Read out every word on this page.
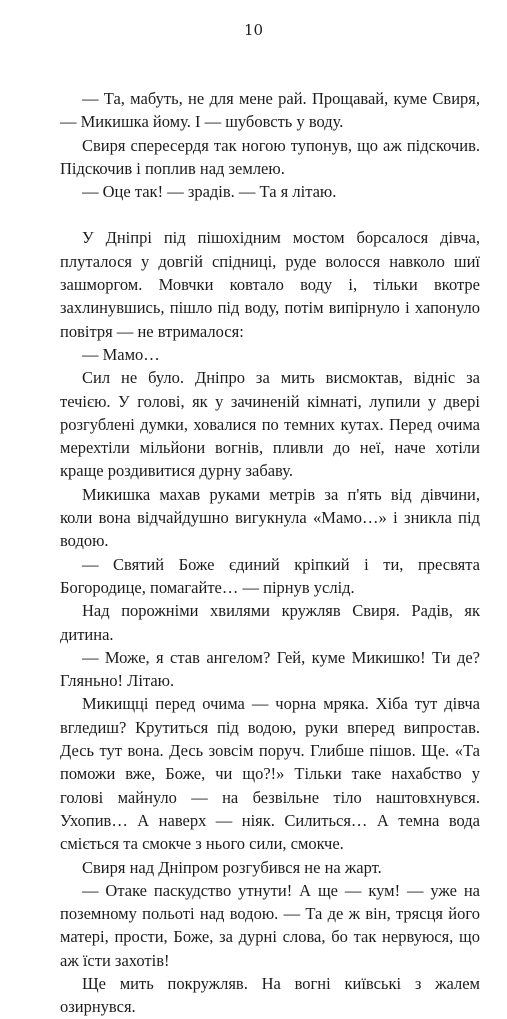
10

— Та, мабуть, не для мене рай. Прощавай, куме Свиря, — Микишка йому. І — шубовсть у воду.

Свиря спересердя так ногою тупонув, що аж підскочив. Підскочив і поплив над землею.

— Оце так! — зрадів. — Та я літаю.

У Дніпрі під пішохідним мостом борсалося дівча, плуталося у довгій спідниці, руде волосся навколо шиї зашморгом. Мовчки ковтало воду і, тільки вкотре захлинувшись, пішло під воду, потім випірнуло і хапонуло повітря — не втрималося:

— Мамо…

Сил не було. Дніпро за мить висмоктав, відніс за течією. У голові, як у зачиненій кімнаті, лупили у двері розгублені думки, ховалися по темних кутах. Перед очима мерехтіли мільйони вогнів, пливли до неї, наче хотіли краще роздивитися дурну забаву.

Микишка махав руками метрів за п'ять від дівчини, коли вона відчайдушно вигукнула «Мамо…» і зникла під водою.

— Святий Боже єдиний кріпкий і ти, пресвята Богородице, помагайте… — пірнув услід.

Над порожніми хвилями кружляв Свиря. Радів, як дитина.

— Може, я став ангелом? Гей, куме Микишко! Ти де? Гляньно! Літаю.

Микищці перед очима — чорна мряка. Хіба тут дівча вгледиш? Крутиться під водою, руки вперед випростав. Десь тут вона. Десь зовсім поруч. Глибше пішов. Ще. «Та поможи вже, Боже, чи що?!» Тільки таке нахабство у голові майнуло — на безвільне тіло наштовхнувся. Ухопив… А наверх — ніяк. Силиться… А темна вода сміється та смокче з нього сили, смокче.

Свиря над Дніпром розгубився не на жарт.

— Отаке паскудство утнути! А ще — кум! — уже на поземному польоті над водою. — Та де ж він, трясця його матері, прости, Боже, за дурні слова, бо так нервуюся, що аж їсти захотів!

Ще мить покружляв. На вогні київські з жалем озирнувся.
